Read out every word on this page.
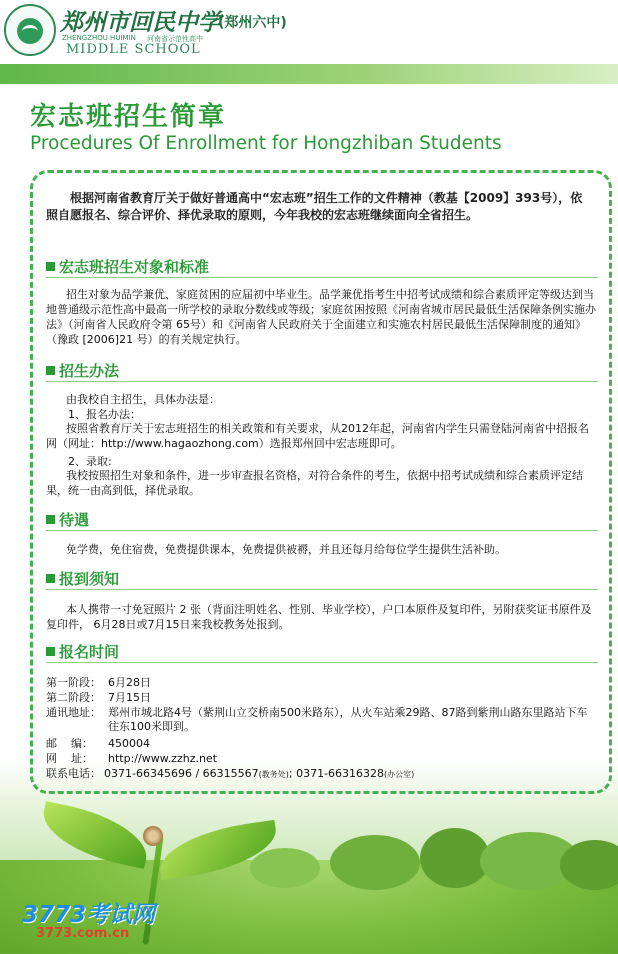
郑州市回民中学
(郑州六中)
ZHENGZHOU HUIMIN 河南省示范性高中
MIDDLE SCHOOL
宏志班招生简章
Procedures Of Enrollment for Hongzhiban Students
根据河南省教育厅关于做好普通高中“宏志班”招生工作的文件精神（教基【2009】393号），依照自愿报名、综合评价、择优录取的原则，今年我校的宏志班继续面向全省招生。
宏志班招生对象和标准
招生对象为品学兼优、家庭贫困的应届初中毕业生。品学兼优指考生中招考试成绩和综合素质评定等级达到当地普通级示范性高中最高一所学校的录取分数线或等级；家庭贫困按照《河南省城市居民最低生活保障条例实施办法》（河南省人民政府令第 65号）和《河南省人民政府关于全面建立和实施农村居民最低生活保障制度的通知》（豫政 [2006]21 号）的有关规定执行。
招生办法
由我校自主招生，具体办法是：
1、报名办法：
按照省教育厅关于宏志班招生的相关政策和有关要求，从2012年起，河南省内学生只需登陆河南省中招报名网（网址：http://www.hagaozhong.com）选报郑州回中宏志班即可。
2、录取:
我校按照招生对象和条件，进一步审查报名资格，对符合条件的考生，依据中招考试成绩和综合素质评定结果，统一由高到低，择优录取。
待遇
免学费，免住宿费，免费提供课本，免费提供被褥，并且还每月给每位学生提供生活补助。
报到须知
本人携带一寸免冠照片 2 张（背面注明姓名、性别、毕业学校），户口本原件及复印件，另附获奖证书原件及复印件， 6月28日或7月15日来我校教务处报到。
报名时间
第一阶段： 6月28日
第二阶段： 7月15日
通讯地址： 郑州市城北路4号（紫荆山立交桥南500米路东），从火车站乘29路、87路到紫荆山路东里路站下车往东100米即到。
邮    编：	450004
网    址：	http://www.zzhz.net
联系电话： 0371-66345696 / 66315567(教务处); 0371-66316328(办公室)
3773考试网
3773.com.cn
